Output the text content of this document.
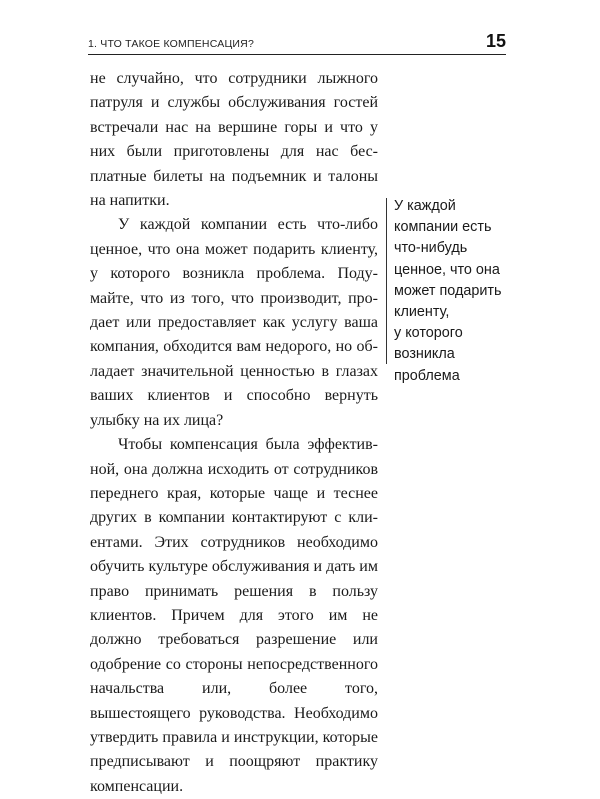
1. ЧТО ТАКОЕ КОМПЕНСАЦИЯ?	15

не случайно, что сотрудники лыжного патруля и службы обслуживания гостей встречали нас на вершине горы и что у них были приготовлены для нас бесплатные билеты на подъемник и талоны на напитки.

У каждой компании есть что-либо ценное, что она может подарить клиенту, у которого возникла проблема. Подумайте, что из того, что производит, продает или предоставляет как услугу ваша компания, обходится вам недорого, но обладает значительной ценностью в глазах ваших клиентов и способно вернуть улыбку на их лица?

Чтобы компенсация была эффективной, она должна исходить от сотрудников переднего края, которые чаще и теснее других в компании контактируют с клиентами. Этих сотрудников необходимо обучить культуре обслуживания и дать им право принимать решения в пользу клиентов. Причем для этого им не должно требоваться разрешение или одобрение со стороны непосредственного начальства или, более того, вышестоящего руководства. Необходимо утвердить правила и инструкции, которые предписывают и поощряют практику компенсации.

У каждой
компании есть
что-нибудь
ценное, что она
может подарить
клиенту,
у которого
возникла
проблема
